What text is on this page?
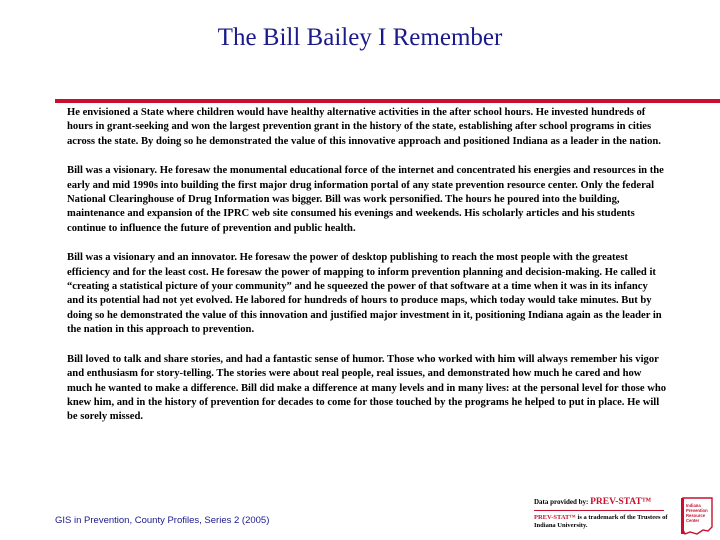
The Bill Bailey I Remember

He envisioned a State where children would have healthy alternative activities in the after school hours. He invested hundreds of hours in grant-seeking and won the largest prevention grant in the history of the state, establishing after school programs in cities across the state. By doing so he demonstrated the value of this innovative approach and positioned Indiana as a leader in the nation.

Bill was a visionary. He foresaw the monumental educational force of the internet and concentrated his energies and resources in the early and mid 1990s into building the first major drug information portal of any state prevention resource center. Only the federal National Clearinghouse of Drug Information was bigger. Bill was work personified. The hours he poured into the building, maintenance and expansion of the IPRC web site consumed his evenings and weekends. His scholarly articles and his students continue to influence the future of prevention and public health.

Bill was a visionary and an innovator. He foresaw the power of desktop publishing to reach the most people with the greatest efficiency and for the least cost. He foresaw the power of mapping to inform prevention planning and decision-making. He called it “creating a statistical picture of your community” and he squeezed the power of that software at a time when it was in its infancy and its potential had not yet evolved. He labored for hundreds of hours to produce maps, which today would take minutes. But by doing so he demonstrated the value of this innovation and justified major investment in it, positioning Indiana again as the leader in the nation in this approach to prevention.

Bill loved to talk and share stories, and had a fantastic sense of humor. Those who worked with him will always remember his vigor and enthusiasm for story-telling. The stories were about real people, real issues, and demonstrated how much he cared and how much he wanted to make a difference. Bill did make a difference at many levels and in many lives: at the personal level for those who knew him, and in the history of prevention for decades to come for those touched by the programs he helped to put in place. He will be sorely missed.

GIS in Prevention, County Profiles, Series 2 (2005)
Data provided by: PREV-STAT™
PREV-STAT™ is a trademark of the Trustees of Indiana University.
Indiana
Prevention
Resource
Center
